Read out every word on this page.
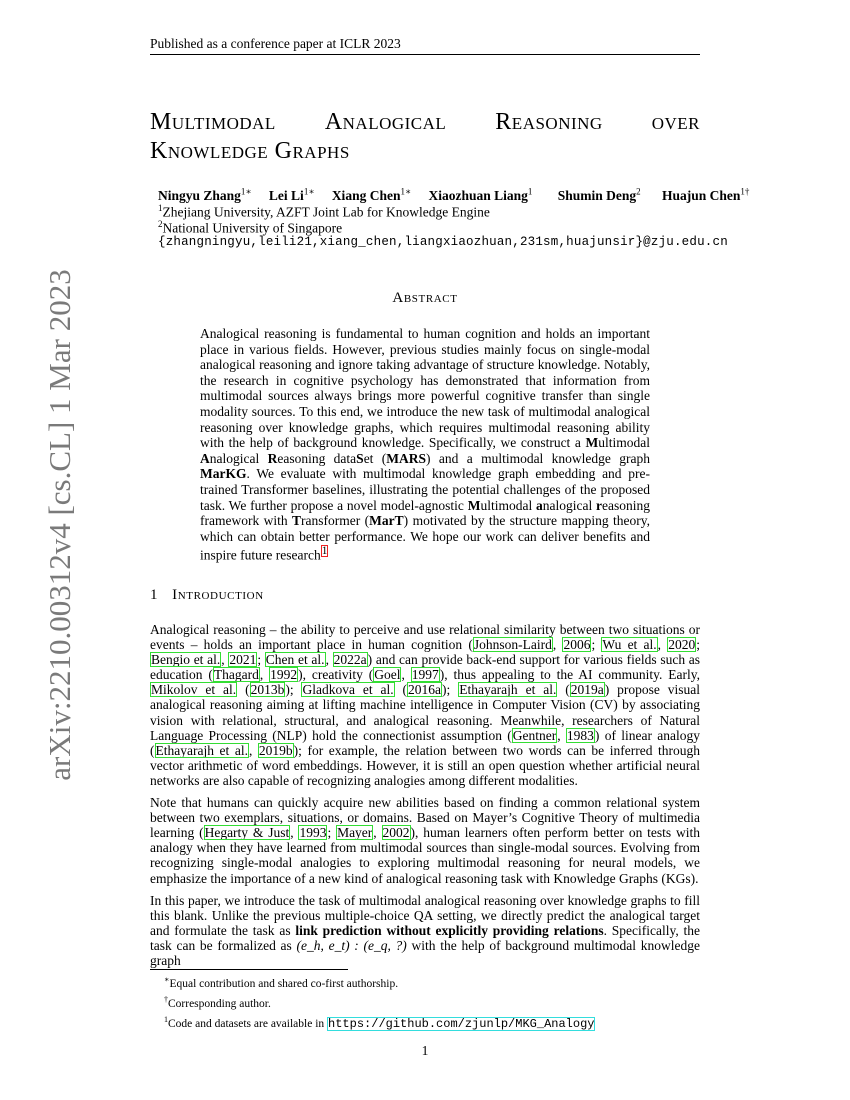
Published as a conference paper at ICLR 2023
arXiv:2210.00312v4 [cs.CL] 1 Mar 2023
Multimodal Analogical Reasoning over
Knowledge Graphs
Ningyu Zhang$^{1∗}$ Lei $Li^{1∗}$ Xiang Chen$^{1∗}$ Xiaozhuan Liang$^1$ Shumin Deng$^2$ Huajun Chen$^{1\dagger}$
$^1$Zhejiang University, AZFT Joint Lab for Knowledge Engine
$^2$National University of Singapore
{zhangningyu,leili21,xiang_chen,liangxiaozhuan,231sm,huajunsir}@zju.edu.cn
Abstract
Analogical reasoning is fundamental to human cognition and holds an important place in various fields. However, previous studies mainly focus on single-modal analogical reasoning and ignore taking advantage of structure knowledge. Notably, the research in cognitive psychology has demonstrated that information from multimodal sources always brings more powerful cognitive transfer than single modality sources. To this end, we introduce the new task of multimodal analogical reasoning over knowledge graphs, which requires multimodal reasoning ability with the help of background knowledge. Specifically, we construct a Multimodal Analogical Reasoning dataSet (MARS) and a multimodal knowledge graph MarKG. We evaluate with multimodal knowledge graph embedding and pre-trained Transformer baselines, illustrating the potential challenges of the proposed task. We further propose a novel model-agnostic Multimodal analogical reasoning framework with Transformer (MarT) motivated by the structure mapping theory, which can obtain better performance. We hope our work can deliver benefits and inspire future research$^1$
1 Introduction

Analogical reasoning – the ability to perceive and use relational similarity between two situations or events – holds an important place in human cognition (Johnson-Laird, 2006; Wu et al., 2020; Bengio et al., 2021; Chen et al., 2022a) and can provide back-end support for various fields such as education (Thagard, 1992), creativity (Goel, 1997), thus appealing to the AI community. Early, Mikolov et al. (2013b); Gladkova et al. (2016a); Ethayarajh et al. (2019a) propose visual analogical reasoning aiming at lifting machine intelligence in Computer Vision (CV) by associating vision with relational, structural, and analogical reasoning. Meanwhile, researchers of Natural Language Processing (NLP) hold the connectionist assumption (Gentner, 1983) of linear analogy (Ethayarajh et al., 2019b); for example, the relation between two words can be inferred through vector arithmetic of word embeddings. However, it is still an open question whether artificial neural networks are also capable of recognizing analogies among different modalities.

Note that humans can quickly acquire new abilities based on finding a common relational system between two exemplars, situations, or domains. Based on Mayer’s Cognitive Theory of multimedia learning (Hegarty & Just, 1993; Mayer, 2002), human learners often perform better on tests with analogy when they have learned from multimodal sources than single-modal sources. Evolving from recognizing single-modal analogies to exploring multimodal reasoning for neural models, we emphasize the importance of a new kind of analogical reasoning task with Knowledge Graphs (KGs).

In this paper, we introduce the task of multimodal analogical reasoning over knowledge graphs to fill this blank. Unlike the previous multiple-choice QA setting, we directly predict the analogical target and formulate the task as link prediction without explicitly providing relations. Specifically, the task can be formalized as (e_h, e_t) : (e_q, ?) with the help of background multimodal knowledge graph

∗Equal contribution and shared co-first authorship.
†Corresponding author.
$^1$Code and datasets are available in https://github.com/zjunlp/MKG_Analogy
1
